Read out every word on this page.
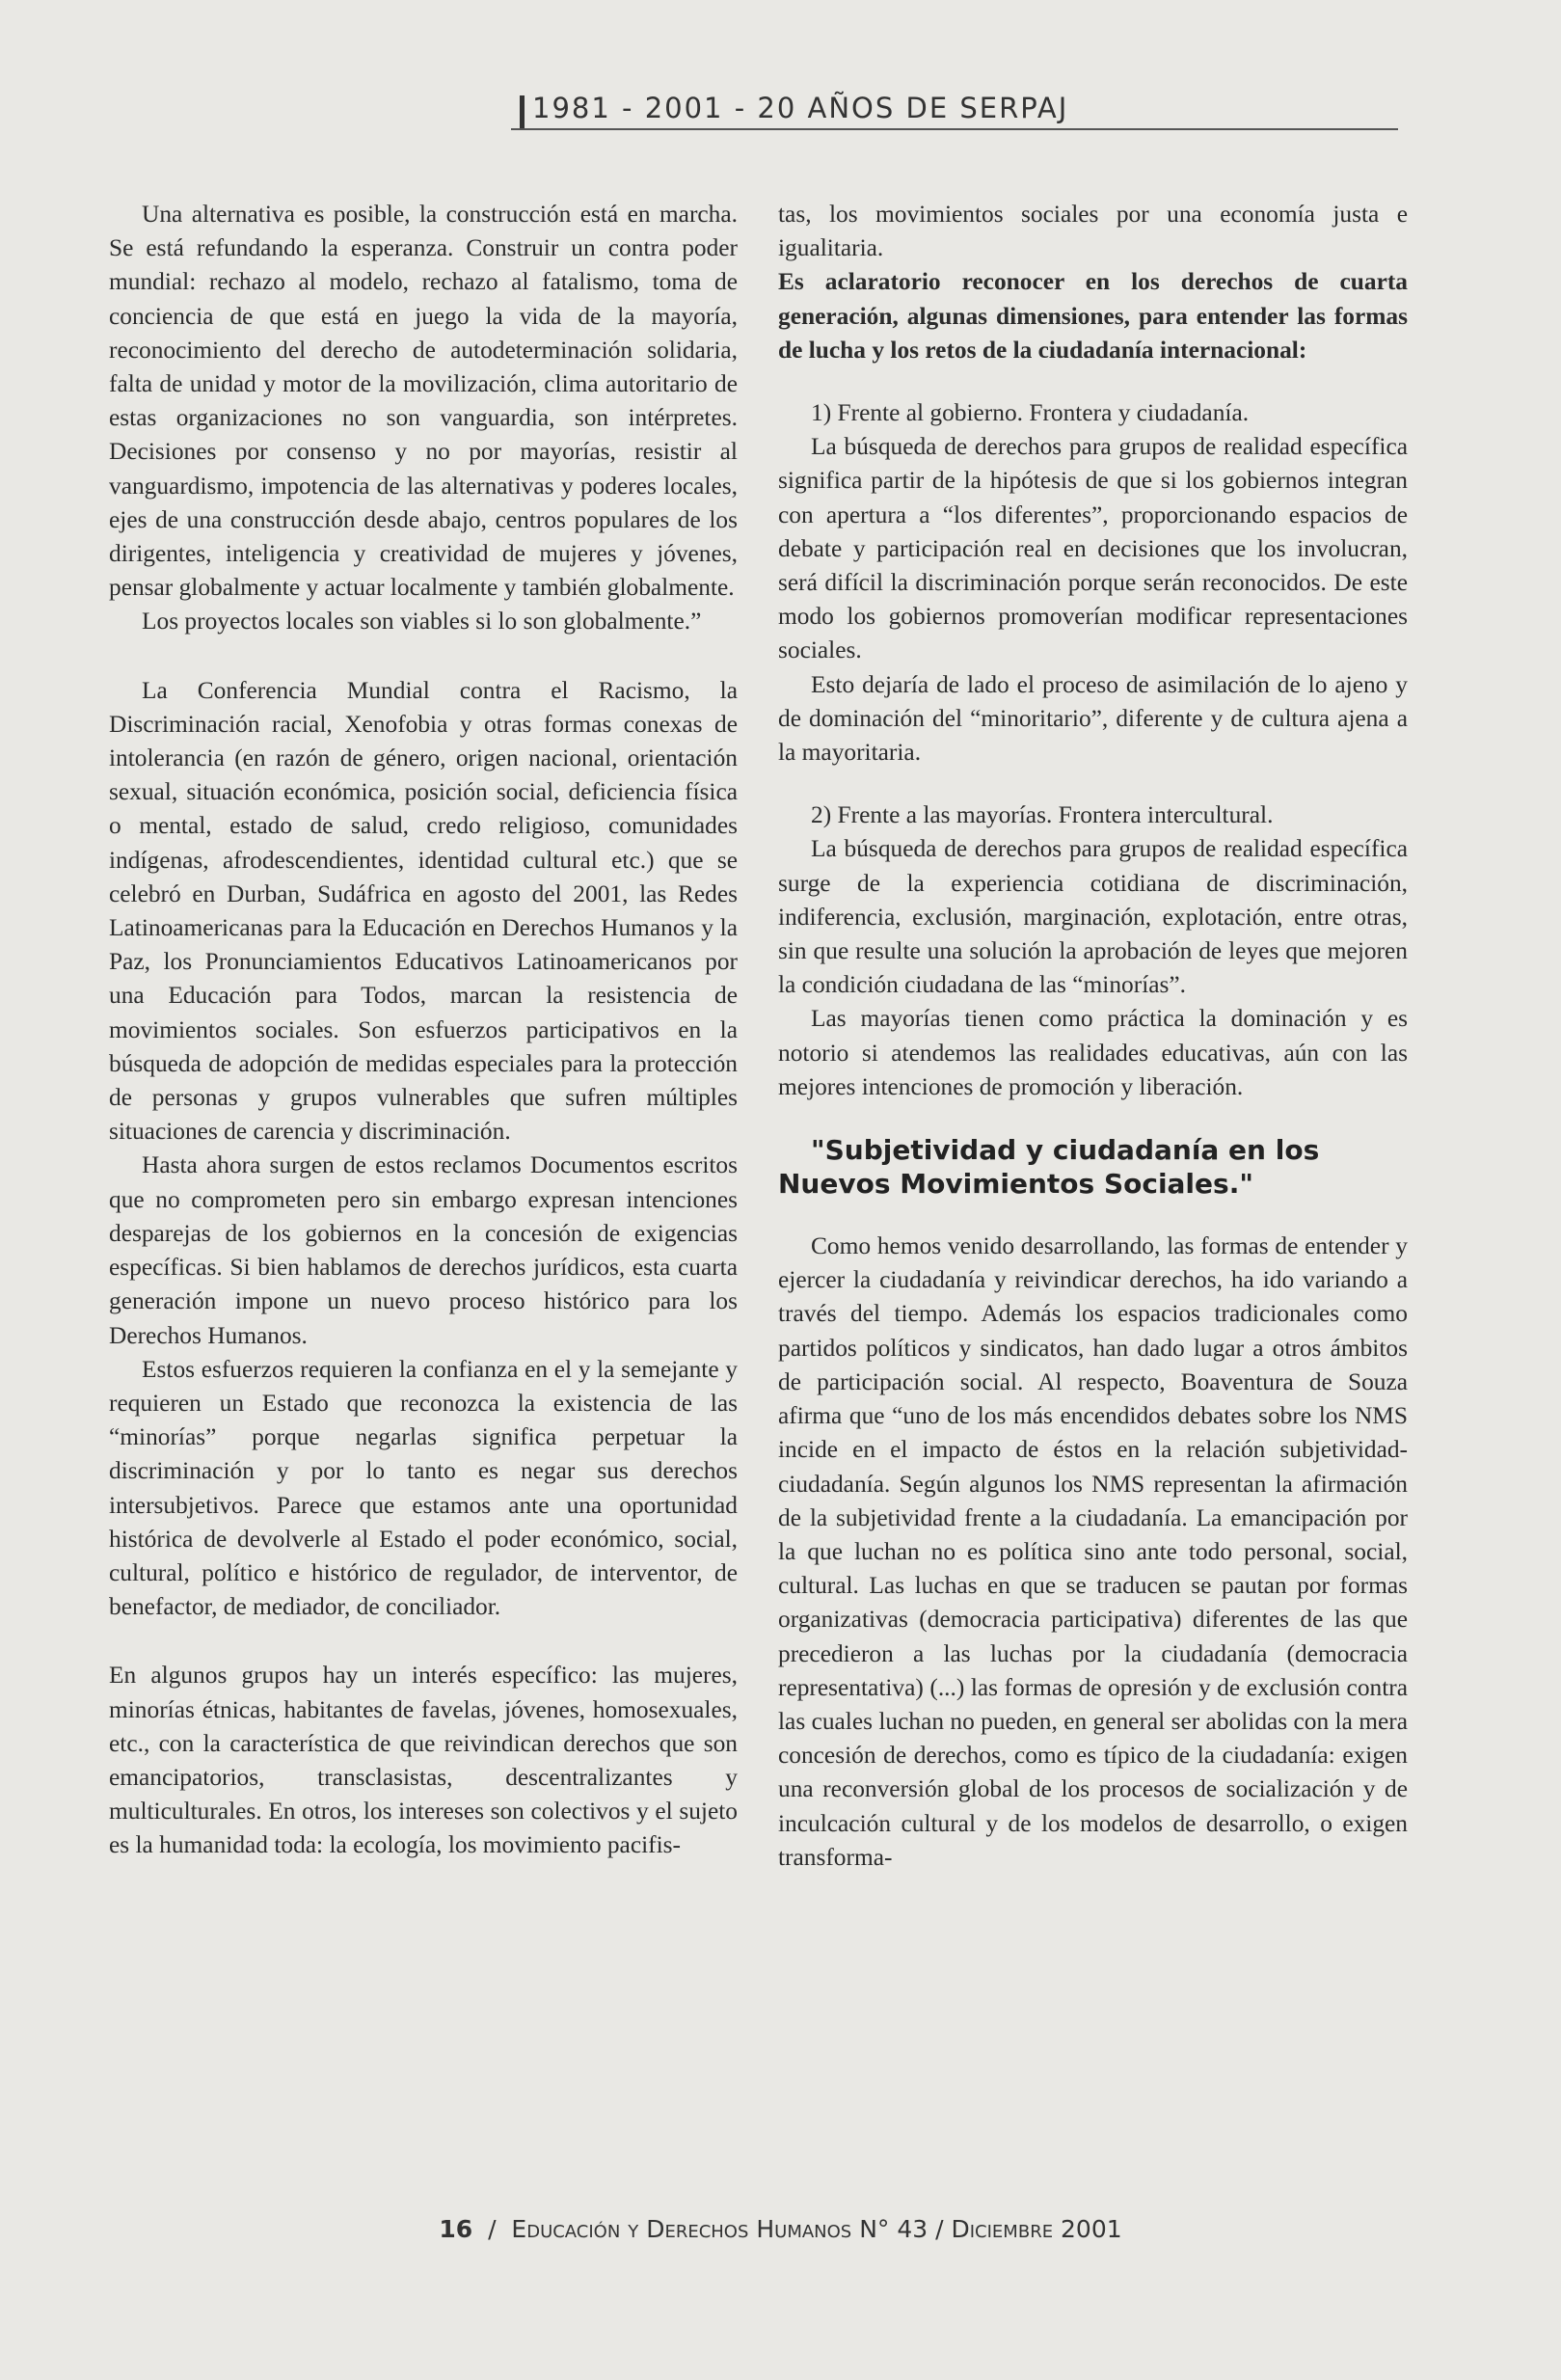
1981 - 2001 - 20 AÑOS DE SERPAJ

Una alternativa es posible, la construcción está en marcha. Se está refundando la esperanza. Construir un contra poder mundial: rechazo al modelo, rechazo al fatalismo, toma de conciencia de que está en juego la vida de la mayoría, reconocimiento del derecho de autodeterminación solidaria, falta de unidad y motor de la movilización, clima autoritario de estas organizaciones no son vanguardia, son intérpretes. Decisiones por consenso y no por mayorías, resistir al vanguardismo, impotencia de las alternativas y poderes locales, ejes de una construcción desde abajo, centros populares de los dirigentes, inteligencia y creatividad de mujeres y jóvenes, pensar globalmente y actuar localmente y también globalmente.

Los proyectos locales son viables si lo son globalmente.”

La Conferencia Mundial contra el Racismo, la Discriminación racial, Xenofobia y otras formas conexas de intolerancia (en razón de género, origen nacional, orientación sexual, situación económica, posición social, deficiencia física o mental, estado de salud, credo religioso, comunidades indígenas, afrodescendientes, identidad cultural etc.) que se celebró en Durban, Sudáfrica en agosto del 2001, las Redes Latinoamericanas para la Educación en Derechos Humanos y la Paz, los Pronunciamientos Educativos Latinoamericanos por una Educación para Todos, marcan la resistencia de movimientos sociales. Son esfuerzos participativos en la búsqueda de adopción de medidas especiales para la protección de personas y grupos vulnerables que sufren múltiples situaciones de carencia y discriminación.

Hasta ahora surgen de estos reclamos Documentos escritos que no comprometen pero sin embargo expresan intenciones desparejas de los gobiernos en la concesión de exigencias específicas. Si bien hablamos de derechos jurídicos, esta cuarta generación impone un nuevo proceso histórico para los Derechos Humanos.

Estos esfuerzos requieren la confianza en el y la semejante y requieren un Estado que reconozca la existencia de las “minorías” porque negarlas significa perpetuar la discriminación y por lo tanto es negar sus derechos intersubjetivos. Parece que estamos ante una oportunidad histórica de devolverle al Estado el poder económico, social, cultural, político e histórico de regulador, de interventor, de benefactor, de mediador, de conciliador.

En algunos grupos hay un interés específico: las mujeres, minorías étnicas, habitantes de favelas, jóvenes, homosexuales, etc., con la característica de que reivindican derechos que son emancipatorios, transclasistas, descentralizantes y multiculturales. En otros, los intereses son colectivos y el sujeto es la humanidad toda: la ecología, los movimiento pacifis-

tas, los movimientos sociales por una economía justa e igualitaria.

Es aclaratorio reconocer en los derechos de cuarta generación, algunas dimensiones, para entender las formas de lucha y los retos de la ciudadanía internacional:

1) Frente al gobierno. Frontera y ciudadanía.

La búsqueda de derechos para grupos de realidad específica significa partir de la hipótesis de que si los gobiernos integran con apertura a “los diferentes”, proporcionando espacios de debate y participación real en decisiones que los involucran, será difícil la discriminación porque serán reconocidos. De este modo los gobiernos promoverían modificar representaciones sociales.

Esto dejaría de lado el proceso de asimilación de lo ajeno y de dominación del “minoritario”, diferente y de cultura ajena a la mayoritaria.

2) Frente a las mayorías. Frontera intercultural.

La búsqueda de derechos para grupos de realidad específica surge de la experiencia cotidiana de discriminación, indiferencia, exclusión, marginación, explotación, entre otras, sin que resulte una solución la aprobación de leyes que mejoren la condición ciudadana de las “minorías”.

Las mayorías tienen como práctica la dominación y es notorio si atendemos las realidades educativas, aún con las mejores intenciones de promoción y liberación.

"Subjetividad y ciudadanía en los Nuevos Movimientos Sociales."

Como hemos venido desarrollando, las formas de entender y ejercer la ciudadanía y reivindicar derechos, ha ido variando a través del tiempo. Además los espacios tradicionales como partidos políticos y sindicatos, han dado lugar a otros ámbitos de participación social. Al respecto, Boaventura de Souza afirma que “uno de los más encendidos debates sobre los NMS incide en el impacto de éstos en la relación subjetividad-ciudadanía. Según algunos los NMS representan la afirmación de la subjetividad frente a la ciudadanía. La emancipación por la que luchan no es política sino ante todo personal, social, cultural. Las luchas en que se traducen se pautan por formas organizativas (democracia participativa) diferentes de las que precedieron a las luchas por la ciudadanía (democracia representativa) (...) las formas de opresión y de exclusión contra las cuales luchan no pueden, en general ser abolidas con la mera concesión de derechos, como es típico de la ciudadanía: exigen una reconversión global de los procesos de socialización y de inculcación cultural y de los modelos de desarrollo, o exigen transforma-

16 / Educación y Derechos Humanos N° 43 / Diciembre 2001
